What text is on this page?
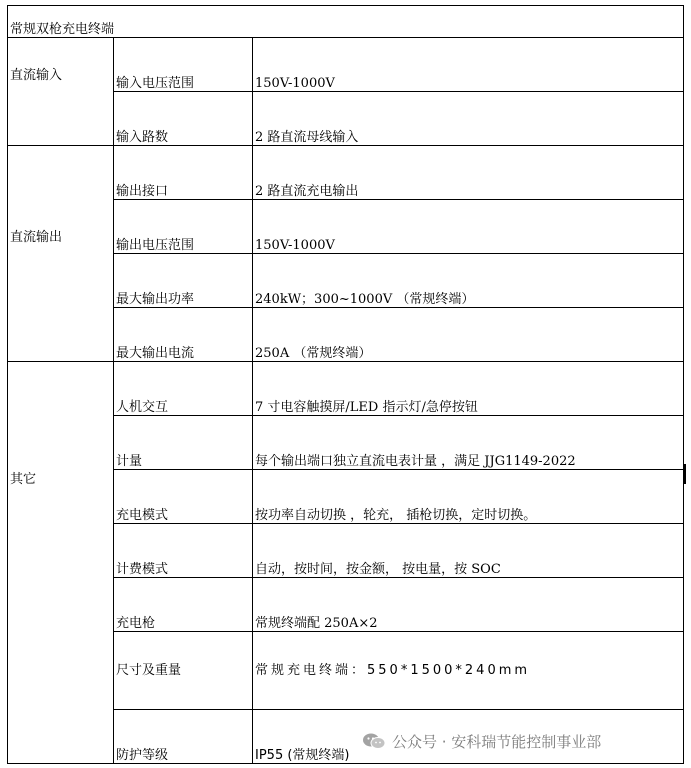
常规双枪充电终端		

直流输入	输入电压范围	150V-1000V
	输入路数	2 路直流母线输入

直流输出	输出接口	2 路直流充电输出
	输出电压范围	150V-1000V
	最大输出功率	240kW；300~1000V （常规终端）
	最大输出电流	250A （常规终端）

其它	人机交互	7 寸电容触摸屏/LED 指示灯/急停按钮
	计量	每个输出端口独立直流电表计量 ，满足 JJG1149-2022
	充电模式	按功率自动切换 ，轮充， 插枪切换，定时切换。
	计费模式	自动，按时间，按金额， 按电量，按 SOC
	充电枪	常规终端配 250A×2
	尺寸及重量	常规充电终端：550*1500*240mm
	防护等级	IP55 (常规终端)
公众号 · 安科瑞节能控制事业部
